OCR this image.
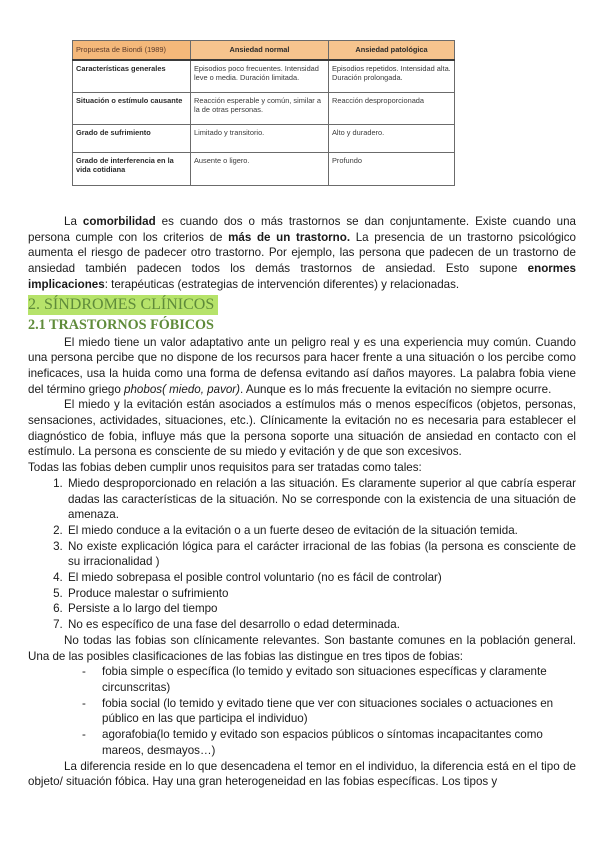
Propuesta de Biondi (1989)	Ansiedad normal	Ansiedad patológica
Características generales	Episodios poco frecuentes. Intensidad leve o media. Duración limitada.	Episodios repetidos. Intensidad alta. Duración prolongada.
Situación o estímulo causante	Reacción esperable y común, similar a la de otras personas.	Reacción desproporcionada
Grado de sufrimiento	Limitado y transitorio.	Alto y duradero.
Grado de interferencia en la vida cotidiana	Ausente o ligero.	Profundo

La comorbilidad es cuando dos o más trastornos se dan conjuntamente. Existe cuando una persona cumple con los criterios de más de un trastorno. La presencia de un trastorno psicológico aumenta el riesgo de padecer otro trastorno. Por ejemplo, las persona que padecen de un trastorno de ansiedad también padecen todos los demás trastornos de ansiedad. Esto supone enormes implicaciones: terapéuticas (estrategias de intervención diferentes) y relacionadas.

2. SÍNDROMES CLÍNICOS

2.1 TRASTORNOS FÓBICOS

El miedo tiene un valor adaptativo ante un peligro real y es una experiencia muy común. Cuando una persona percibe que no dispone de los recursos para hacer frente a una situación o los percibe como ineficaces, usa la huida como una forma de defensa evitando así daños mayores. La palabra fobia viene del término griego phobos( miedo, pavor). Aunque es lo más frecuente la evitación no siempre ocurre.

El miedo y la evitación están asociados a estímulos más o menos específicos (objetos, personas, sensaciones, actividades, situaciones, etc.). Clínicamente la evitación no es necesaria para establecer el diagnóstico de fobia, influye más que la persona soporte una situación de ansiedad en contacto con el estímulo. La persona es consciente de su miedo y evitación y de que son excesivos.

Todas las fobias deben cumplir unos requisitos para ser tratadas como tales:

1. Miedo desproporcionado en relación a las situación. Es claramente superior al que cabría esperar dadas las características de la situación. No se corresponde con la existencia de una situación de amenaza.
2. El miedo conduce a la evitación o a un fuerte deseo de evitación de la situación temida.
3. No existe explicación lógica para el carácter irracional de las fobias (la persona es consciente de su irracionalidad )
4. El miedo sobrepasa el posible control voluntario (no es fácil de controlar)
5. Produce malestar o sufrimiento
6. Persiste a lo largo del tiempo
7. No es específico de una fase del desarrollo o edad determinada.

No todas las fobias son clínicamente relevantes. Son bastante comunes en la población general. Una de las posibles clasificaciones de las fobias las distingue en tres tipos de fobias:

- fobia simple o específica (lo temido y evitado son situaciones específicas y claramente circunscritas)
- fobia social (lo temido y evitado tiene que ver con situaciones sociales o actuaciones en público en las que participa el individuo)
- agorafobia(lo temido y evitado son espacios públicos o síntomas incapacitantes como mareos, desmayos…)

La diferencia reside en lo que desencadena el temor en el individuo, la diferencia está en el tipo de objeto/ situación fóbica. Hay una gran heterogeneidad en las fobias específicas. Los tipos y
